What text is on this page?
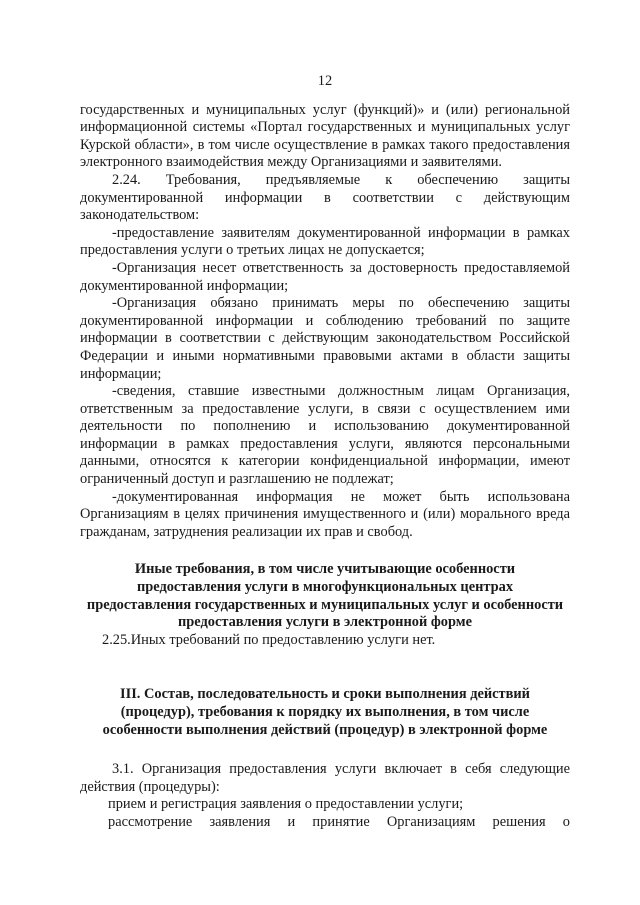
12

государственных и муниципальных услуг (функций)» и (или) региональной информационной системы «Портал государственных и муниципальных услуг Курской области», в том числе осуществление в рамках такого предоставления электронного взаимодействия между Организациями и заявителями.

2.24. Требования, предъявляемые к обеспечению защиты документированной информации в соответствии с действующим законодательством:

-предоставление заявителям документированной информации в рамках предоставления услуги о третьих лицах не допускается;

-Организация несет ответственность за достоверность предоставляемой документированной информации;

-Организация обязано принимать меры по обеспечению защиты документированной информации и соблюдению требований по защите информации в соответствии с действующим законодательством Российской Федерации и иными нормативными правовыми актами в области защиты информации;

-сведения, ставшие известными должностным лицам Организация, ответственным за предоставление услуги, в связи с осуществлением ими деятельности по пополнению и использованию документированной информации в рамках предоставления услуги, являются персональными данными, относятся к категории конфиденциальной информации, имеют ограниченный доступ и разглашению не подлежат;

-документированная информация не может быть использована Организациям в целях причинения имущественного и (или) морального вреда гражданам, затруднения реализации их прав и свобод.

Иные требования, в том числе учитывающие особенности
предоставления услуги в многофункциональных центрах
предоставления государственных и муниципальных услуг и особенности
предоставления услуги в электронной форме

2.25.Иных требований по предоставлению услуги нет.

III. Состав, последовательность и сроки выполнения действий
(процедур), требования к порядку их выполнения, в том числе
особенности выполнения действий (процедур) в электронной форме

3.1. Организация предоставления услуги включает в себя следующие действия (процедуры):

прием и регистрация заявления о предоставлении услуги;

рассмотрение заявления и принятие Организациям решения о
